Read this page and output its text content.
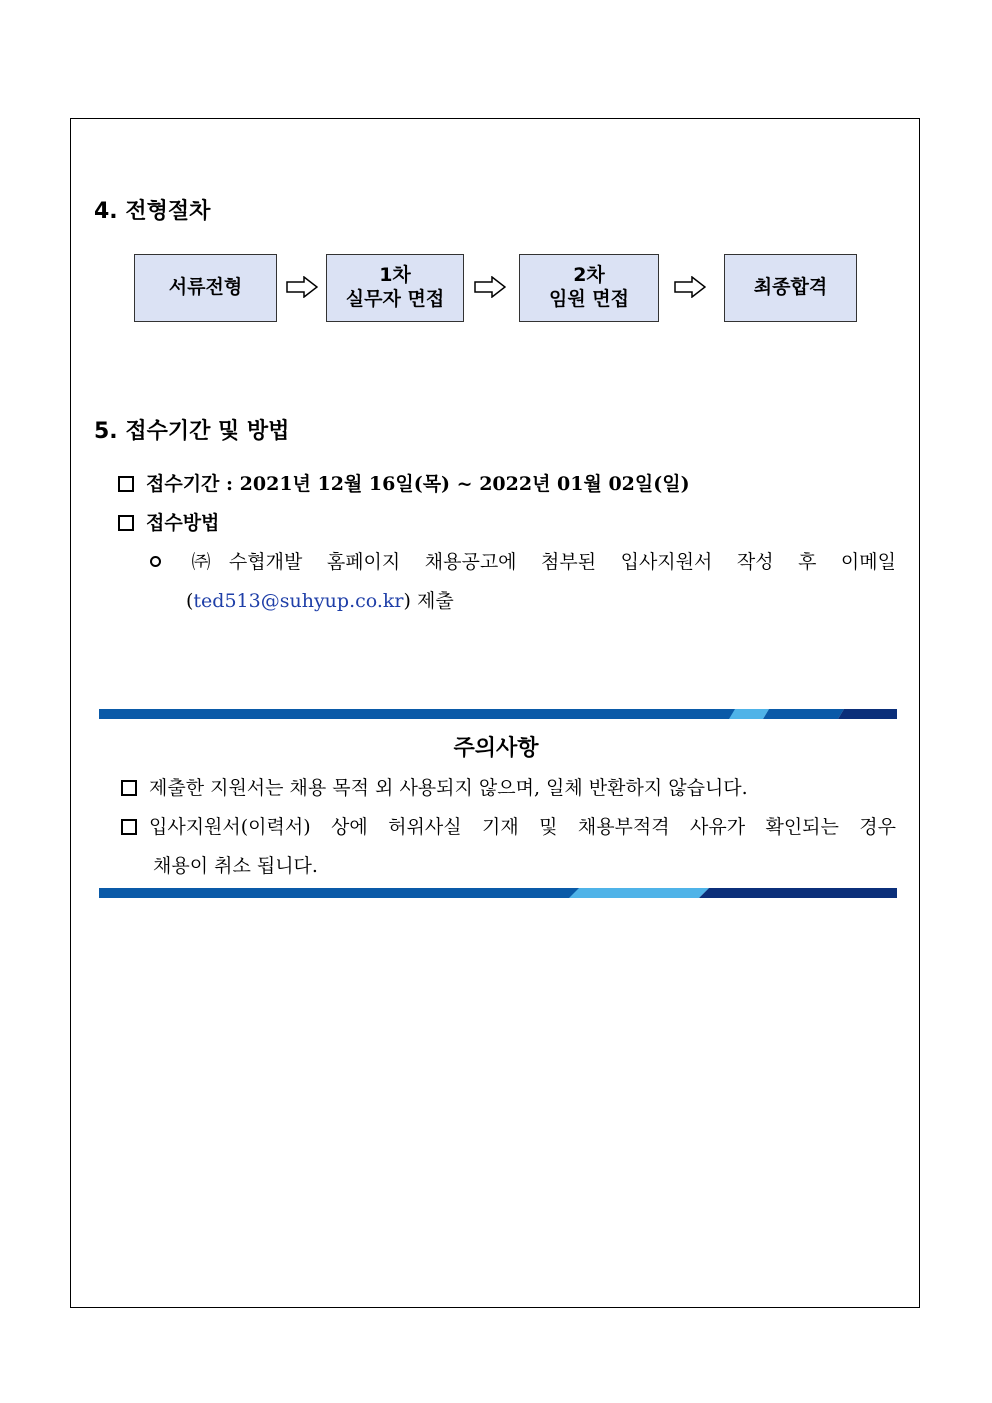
4. 전형절차
서류전형
1차
실무자 면접
2차
임원 면접
최종합격
5. 접수기간 및 방법

접수기간 : 2021년 12월 16일(목) ~ 2022년 01월 02일(일)

접수방법

㈜수협개발 홈페이지 채용공고에 첨부된 입사지원서 작성 후 이메일

(ted513@suhyup.co.kr) 제출

주의사항

제출한 지원서는 채용 목적 외 사용되지 않으며, 일체 반환하지 않습니다.

입사지원서(이력서) 상에 허위사실 기재 및 채용부적격 사유가 확인되는 경우

채용이 취소 됩니다.
